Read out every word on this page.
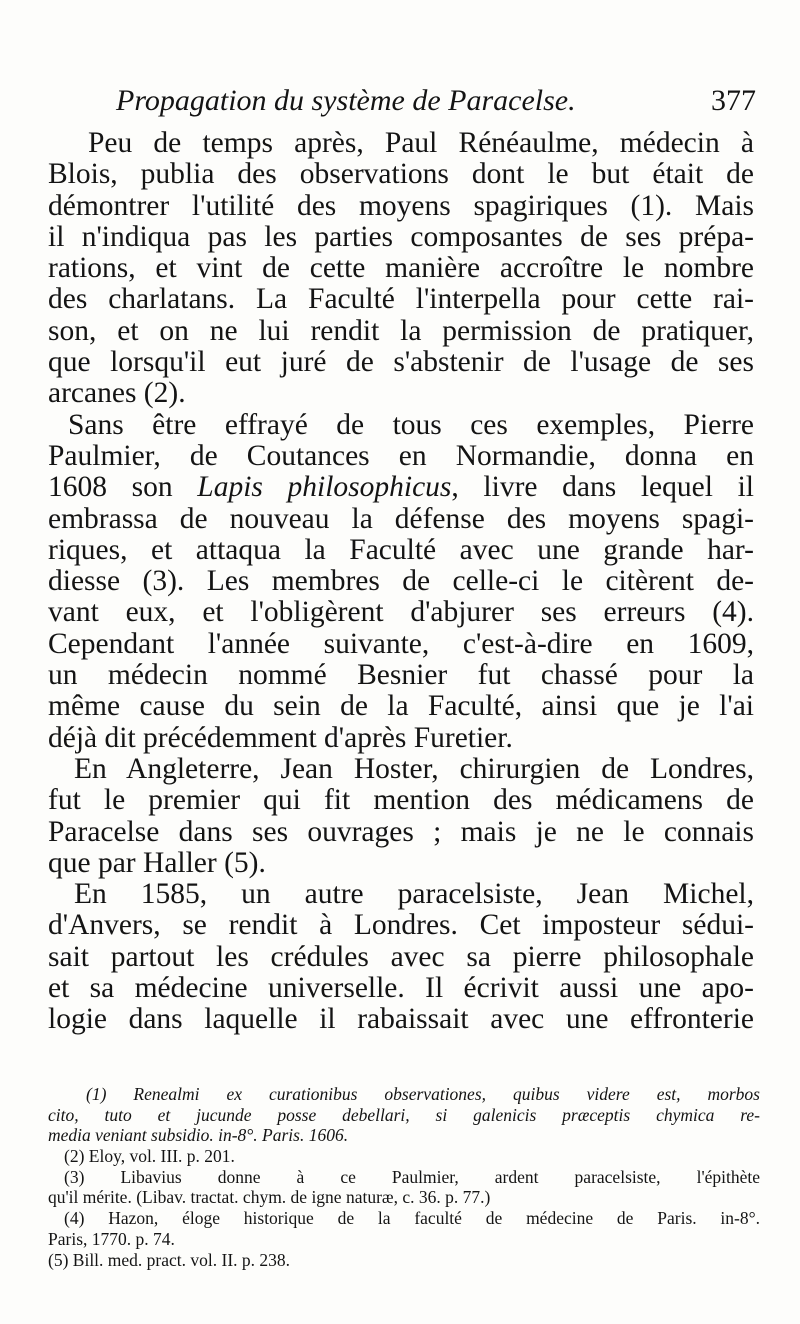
Propagation du système de Paracelse.	377
Peu de temps après, Paul Rénéaulme, médecin à
Blois, publia des observations dont le but était de
démontrer l'utilité des moyens spagiriques (1). Mais
il n'indiqua pas les parties composantes de ses prépa-
rations, et vint de cette manière accroître le nombre
des charlatans. La Faculté l'interpella pour cette rai-
son, et on ne lui rendit la permission de pratiquer,
que lorsqu'il eut juré de s'abstenir de l'usage de ses
arcanes (2).
Sans être effrayé de tous ces exemples, Pierre
Paulmier, de Coutances en Normandie, donna en
1608 son Lapis philosophicus, livre dans lequel il
embrassa de nouveau la défense des moyens spagi-
riques, et attaqua la Faculté avec une grande har-
diesse (3). Les membres de celle-ci le citèrent de-
vant eux, et l'obligèrent d'abjurer ses erreurs (4).
Cependant l'année suivante, c'est-à-dire en 1609,
un médecin nommé Besnier fut chassé pour la
même cause du sein de la Faculté, ainsi que je l'ai
déjà dit précédemment d'après Furetier.
En Angleterre, Jean Hoster, chirurgien de Londres,
fut le premier qui fit mention des médicamens de
Paracelse dans ses ouvrages ; mais je ne le connais
que par Haller (5).
En 1585, un autre paracelsiste, Jean Michel,
d'Anvers, se rendit à Londres. Cet imposteur sédui-
sait partout les crédules avec sa pierre philosophale
et sa médecine universelle. Il écrivit aussi une apo-
logie dans laquelle il rabaissait avec une effronterie
(1) Renealmi ex curationibus observationes, quibus videre est, morbos
cito, tuto et jucunde posse debellari, si galenicis præceptis chymica re-
media veniant subsidio. in-8°. Paris. 1606.
(2) Eloy, vol. III. p. 201.
(3) Libavius donne à ce Paulmier, ardent paracelsiste, l'épithète
qu'il mérite. (Libav. tractat. chym. de igne naturæ, c. 36. p. 77.)
(4) Hazon, éloge historique de la faculté de médecine de Paris. in-8°.
Paris, 1770. p. 74.
(5) Bill. med. pract. vol. II. p. 238.
